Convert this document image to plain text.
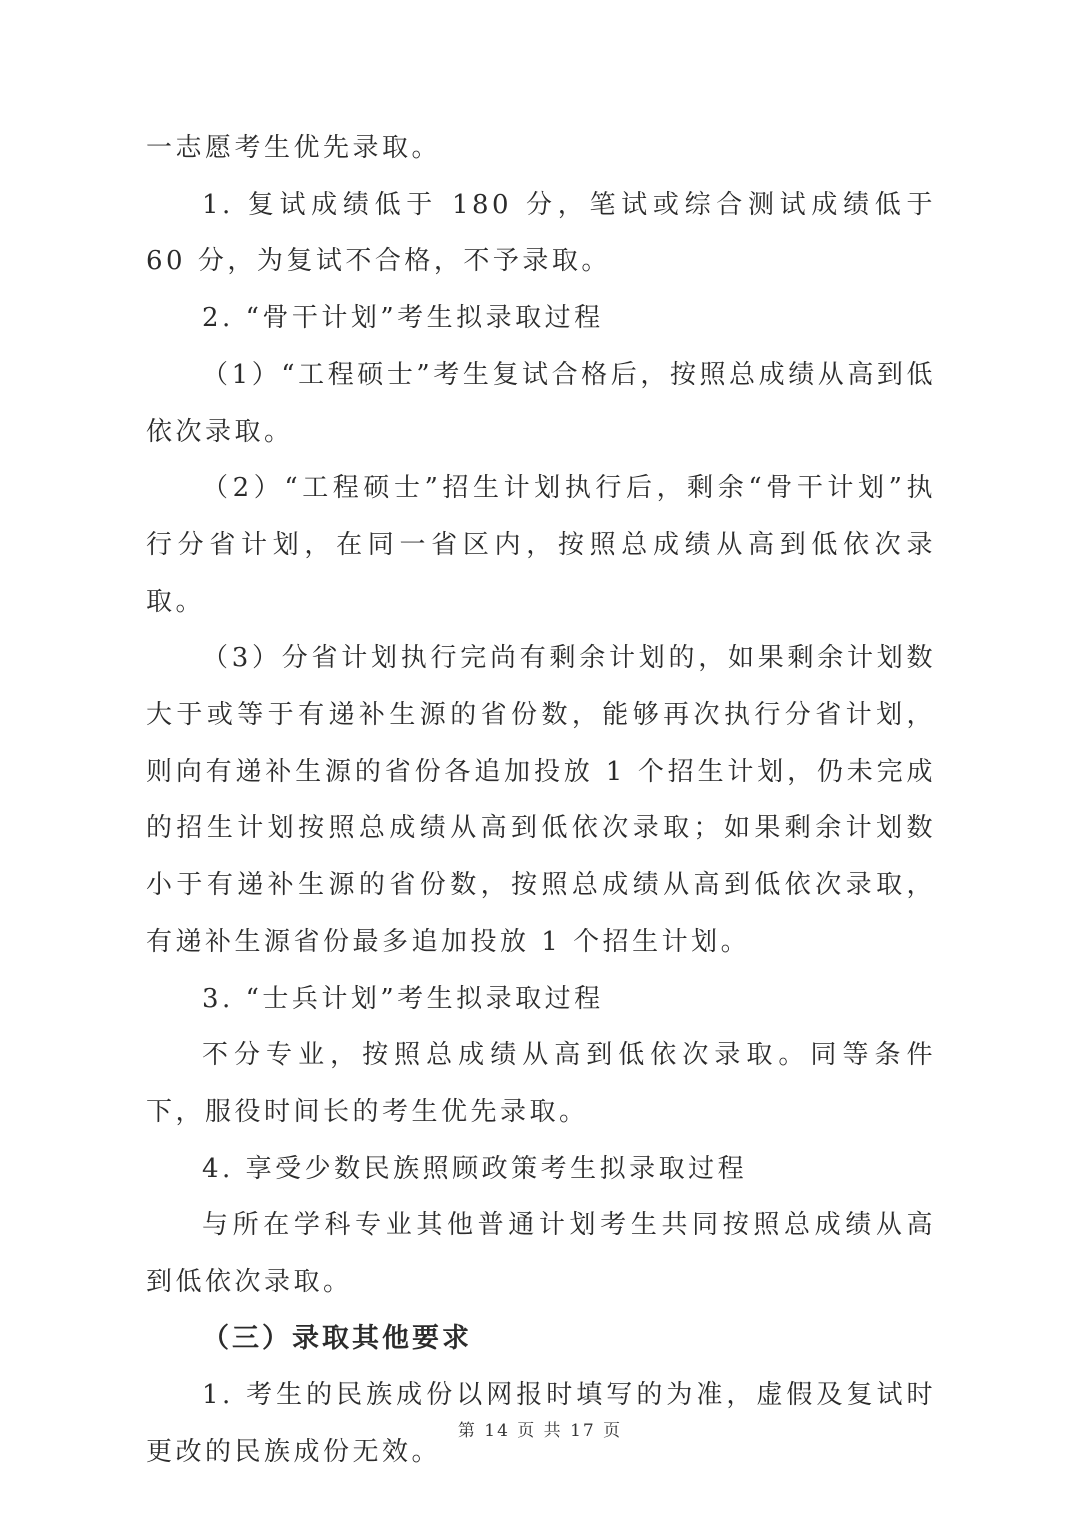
一志愿考生优先录取。

1. 复试成绩低于 180 分，笔试或综合测试成绩低于 60 分，为复试不合格，不予录取。

2. “骨干计划”考生拟录取过程

（1）“工程硕士”考生复试合格后，按照总成绩从高到低依次录取。

（2）“工程硕士”招生计划执行后，剩余“骨干计划”执行分省计划，在同一省区内，按照总成绩从高到低依次录取。

（3）分省计划执行完尚有剩余计划的，如果剩余计划数大于或等于有递补生源的省份数，能够再次执行分省计划，则向有递补生源的省份各追加投放 1 个招生计划，仍未完成的招生计划按照总成绩从高到低依次录取；如果剩余计划数小于有递补生源的省份数，按照总成绩从高到低依次录取，有递补生源省份最多追加投放 1 个招生计划。

3. “士兵计划”考生拟录取过程

不分专业，按照总成绩从高到低依次录取。同等条件下，服役时间长的考生优先录取。

4. 享受少数民族照顾政策考生拟录取过程

与所在学科专业其他普通计划考生共同按照总成绩从高到低依次录取。

（三）录取其他要求

1. 考生的民族成份以网报时填写的为准，虚假及复试时更改的民族成份无效。

第 14 页 共 17 页
